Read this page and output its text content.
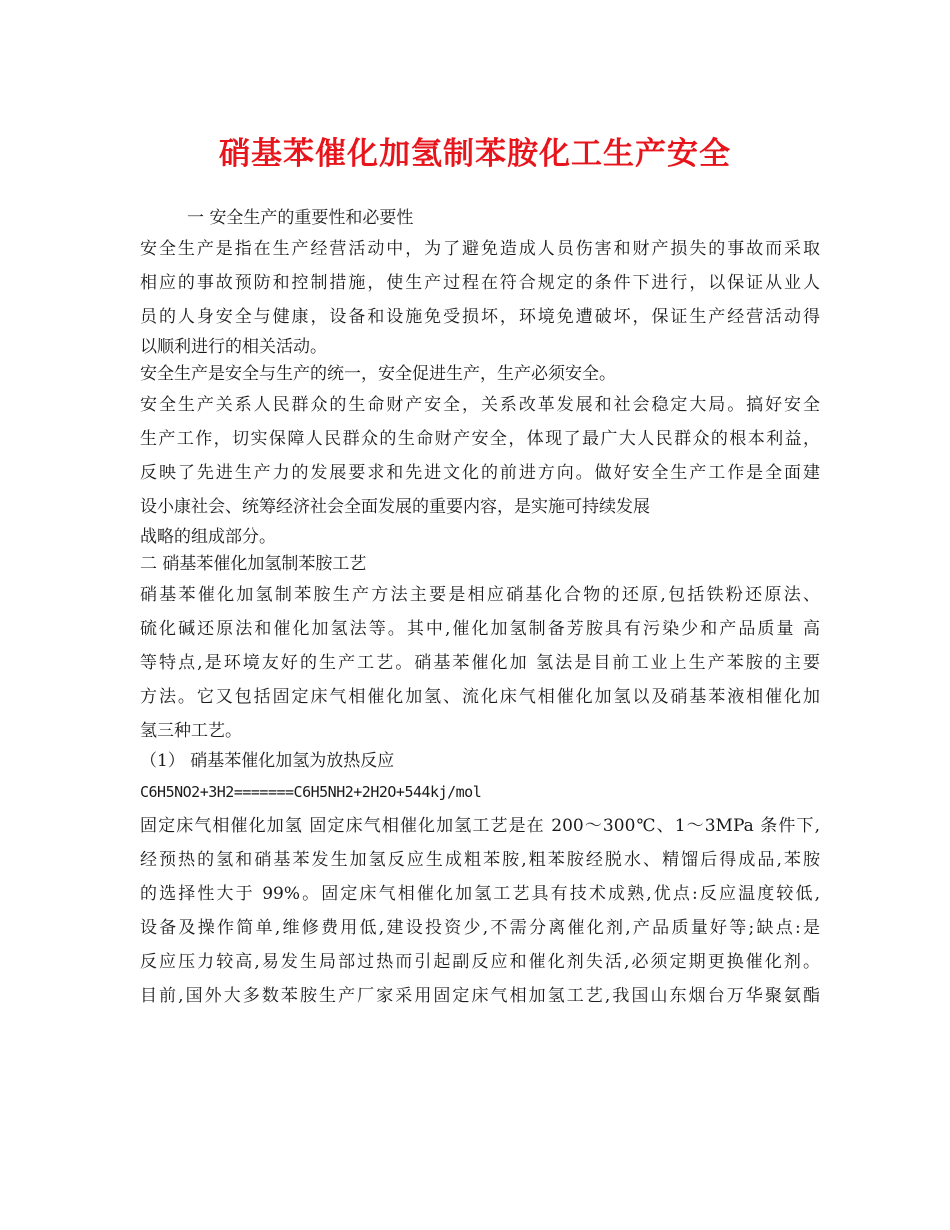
硝基苯催化加氢制苯胺化工生产安全
一 安全生产的重要性和必要性
安全生产是指在生产经营活动中，为了避免造成人员伤害和财产损失的事故而采取
相应的事故预防和控制措施，使生产过程在符合规定的条件下进行，以保证从业人
员的人身安全与健康，设备和设施免受损坏，环境免遭破坏，保证生产经营活动得
以顺利进行的相关活动。
安全生产是安全与生产的统一，安全促进生产，生产必须安全。
安全生产关系人民群众的生命财产安全，关系改革发展和社会稳定大局。搞好安全
生产工作，切实保障人民群众的生命财产安全，体现了最广大人民群众的根本利益，
反映了先进生产力的发展要求和先进文化的前进方向。做好安全生产工作是全面建
设小康社会、统筹经济社会全面发展的重要内容，是实施可持续发展
战略的组成部分。
二 硝基苯催化加氢制苯胺工艺
硝基苯催化加氢制苯胺生产方法主要是相应硝基化合物的还原,包括铁粉还原法、
硫化碱还原法和催化加氢法等。其中,催化加氢制备芳胺具有污染少和产品质量 高
等特点,是环境友好的生产工艺。硝基苯催化加 氢法是目前工业上生产苯胺的主要
方法。它又包括固定床气相催化加氢、流化床气相催化加氢以及硝基苯液相催化加
氢三种工艺。
（1） 硝基苯催化加氢为放热反应
C6H5NO2+3H2=======C6H5NH2+2H2O+544kj/mol
固定床气相催化加氢 固定床气相催化加氢工艺是在 200～300℃、1～3MPa 条件下,
经预热的氢和硝基苯发生加氢反应生成粗苯胺,粗苯胺经脱水、精馏后得成品,苯胺
的选择性大于 99%。固定床气相催化加氢工艺具有技术成熟,优点:反应温度较低,
设备及操作简单,维修费用低,建设投资少,不需分离催化剂,产品质量好等;缺点:是
反应压力较高,易发生局部过热而引起副反应和催化剂失活,必须定期更换催化剂。
目前,国外大多数苯胺生产厂家采用固定床气相加氢工艺,我国山东烟台万华聚氨酯
